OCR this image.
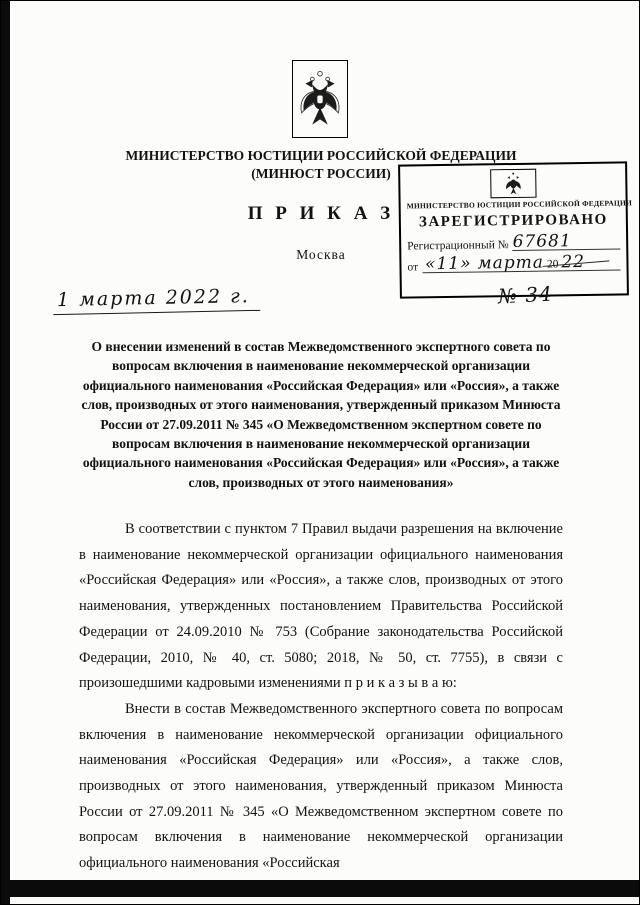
МИНИСТЕРСТВО ЮСТИЦИИ РОССИЙСКОЙ ФЕДЕРАЦИИ
(МИНЮСТ РОССИИ)
П Р И К А З
Москва
МИНИСТЕРСТВО ЮСТИЦИИ РОССИЙСКОЙ ФЕДЕРАЦИИ
ЗАРЕГИСТРИРОВАНО
Регистрационный № 67681
от «11» марта 20 22
1 марта 2022 г.	№ 34
О внесении изменений в состав Межведомственного экспертного совета по вопросам включения в наименование некоммерческой организации официального наименования «Российская Федерация» или «Россия», а также слов, производных от этого наименования, утвержденный приказом Минюста России от 27.09.2011 № 345 «О Межведомственном экспертном совете по вопросам включения в наименование некоммерческой организации официального наименования «Российская Федерация» или «Россия», а также слов, производных от этого наименования»

В соответствии с пунктом 7 Правил выдачи разрешения на включение в наименование некоммерческой организации официального наименования «Российская Федерация» или «Россия», а также слов, производных от этого наименования, утвержденных постановлением Правительства Российской Федерации от 24.09.2010 № 753 (Собрание законодательства Российской Федерации, 2010, № 40, ст. 5080; 2018, № 50, ст. 7755), в связи с произошедшими кадровыми изменениями п р и к а з ы в а ю:

Внести в состав Межведомственного экспертного совета по вопросам включения в наименование некоммерческой организации официального наименования «Российская Федерация» или «Россия», а также слов, производных от этого наименования, утвержденный приказом Минюста России от 27.09.2011 № 345 «О Межведомственном экспертном совете по вопросам включения в наименование некоммерческой организации официального наименования «Российская
